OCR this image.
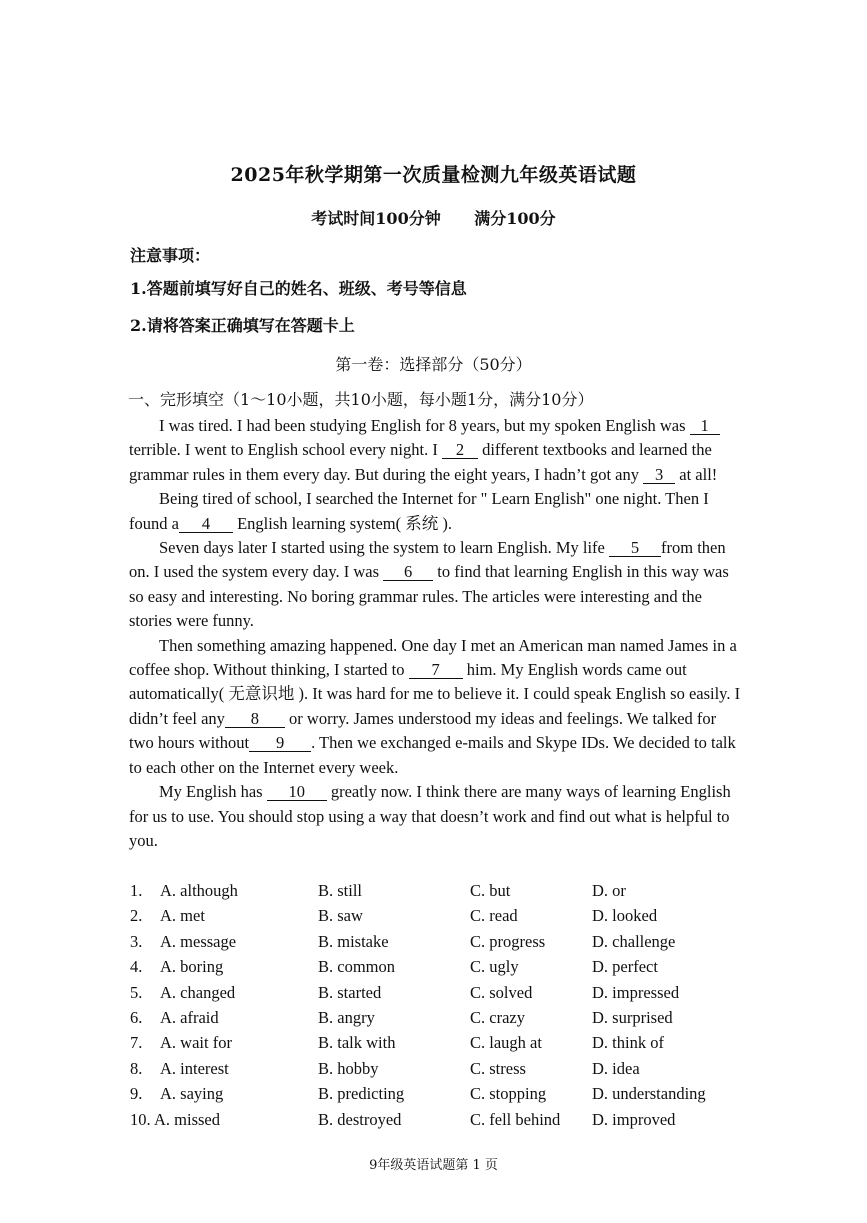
2025年秋学期第一次质量检测九年级英语试题
考试时间100分钟 满分100分
注意事项：
1.答题前填写好自己的姓名、班级、考号等信息
2.请将答案正确填写在答题卡上
第一卷：选择部分（50分）
一、完形填空（1～10小题，共10小题，每小题1分，满分10分）

I was tired. I had been studying English for 8 years, but my spoken English was 1 terrible. I went to English school every night. I 2 different textbooks and learned the grammar rules in them every day. But during the eight years, I hadn’t got any 3 at all!

Being tired of school, I searched the Internet for " Learn English" one night. Then I found a 4 English learning system( 系统 ).

Seven days later I started using the system to learn English. My life 5 from then on. I used the system every day. I was 6 to find that learning English in this way was so easy and interesting. No boring grammar rules. The articles were interesting and the stories were funny.

Then something amazing happened. One day I met an American man named James in a coffee shop. Without thinking, I started to 7 him. My English words came out automatically( 无意识地 ). It was hard for me to believe it. I could speak English so easily. I didn’t feel any 8 or worry. James understood my ideas and feelings. We talked for two hours without 9 . Then we exchanged e-mails and Skype IDs. We decided to talk to each other on the Internet every week.

My English has 10 greatly now. I think there are many ways of learning English for us to use. You should stop using a way that doesn’t work and find out what is helpful to you.

1. A. although	B. still	C. but	D. or
2. A. met	B. saw	C. read	D. looked
3. A. message	B. mistake	C. progress	D. challenge
4. A. boring	B. common	C. ugly	D. perfect
5. A. changed	B. started	C. solved	D. impressed
6. A. afraid	B. angry	C. crazy	D. surprised
7. A. wait for	B. talk with	C. laugh at	D. think of
8. A. interest	B. hobby	C. stress	D. idea
9. A. saying	B. predicting	C. stopping	D. understanding
10. A. missed	B. destroyed	C. fell behind D. improved
9年级英语试题第 1 页
